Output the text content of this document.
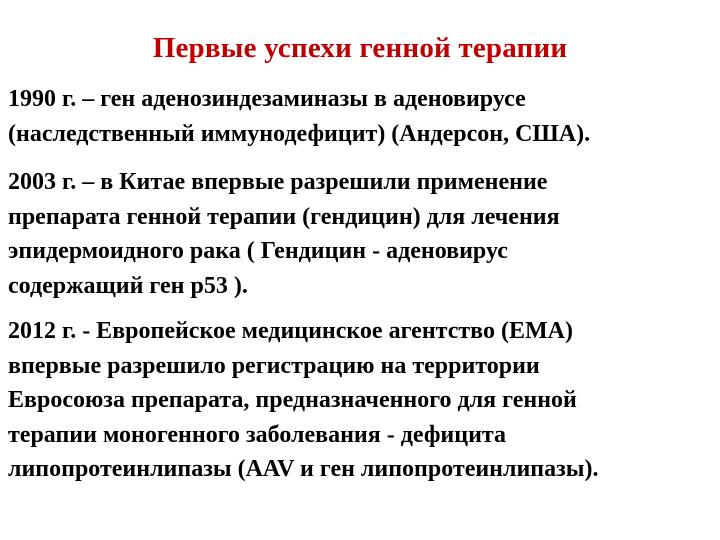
Первые успехи генной терапии
1990 г. – ген аденозиндезаминазы в аденовирусе
(наследственный иммунодефицит) (Андерсон, США).
2003 г. – в Китае впервые разрешили применение
препарата генной терапии (гендицин) для лечения
эпидермоидного рака ( Гендицин - аденовирус
содержащий ген р53 ).
2012 г. - Европейское медицинское агентство (ЕМА)
впервые разрешило регистрацию на территории
Евросоюза препарата, предназначенного для генной
терапии моногенного заболевания - дефицита
липопротеинлипазы (AAV и ген липопротеинлипазы).
